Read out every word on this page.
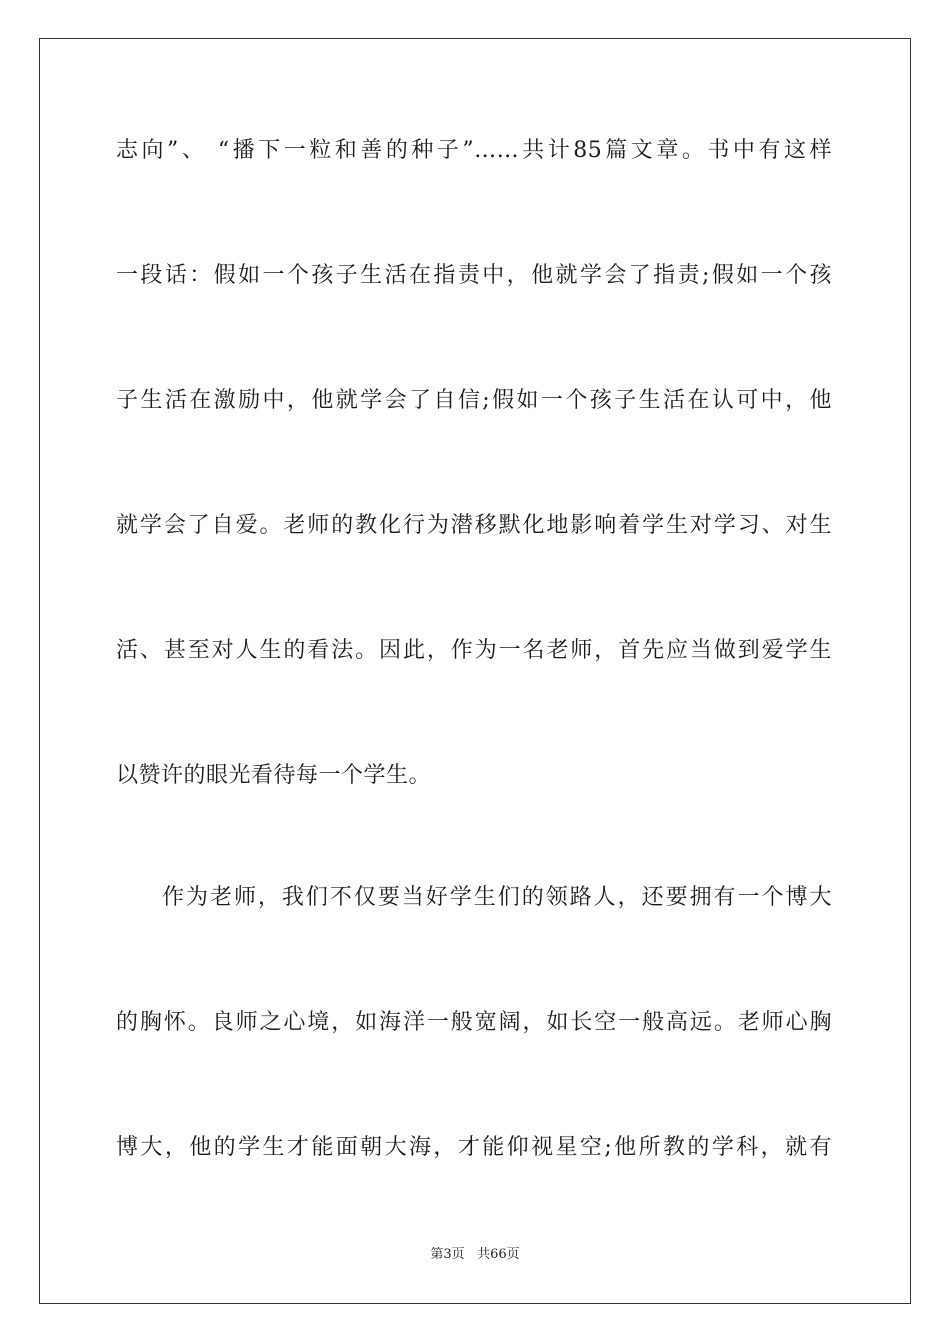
志向”、 “播下一粒和善的种子”……共计85篇文章。书中有这样
一段话：假如一个孩子生活在指责中，他就学会了指责;假如一个孩
子生活在激励中，他就学会了自信;假如一个孩子生活在认可中，他
就学会了自爱。老师的教化行为潜移默化地影响着学生对学习、对生
活、甚至对人生的看法。因此，作为一名老师，首先应当做到爱学生
以赞许的眼光看待每一个学生。
作为老师，我们不仅要当好学生们的领路人，还要拥有一个博大
的胸怀。良师之心境，如海洋一般宽阔，如长空一般高远。老师心胸
博大，他的学生才能面朝大海，才能仰视星空;他所教的学科，就有
第3页 共66页
